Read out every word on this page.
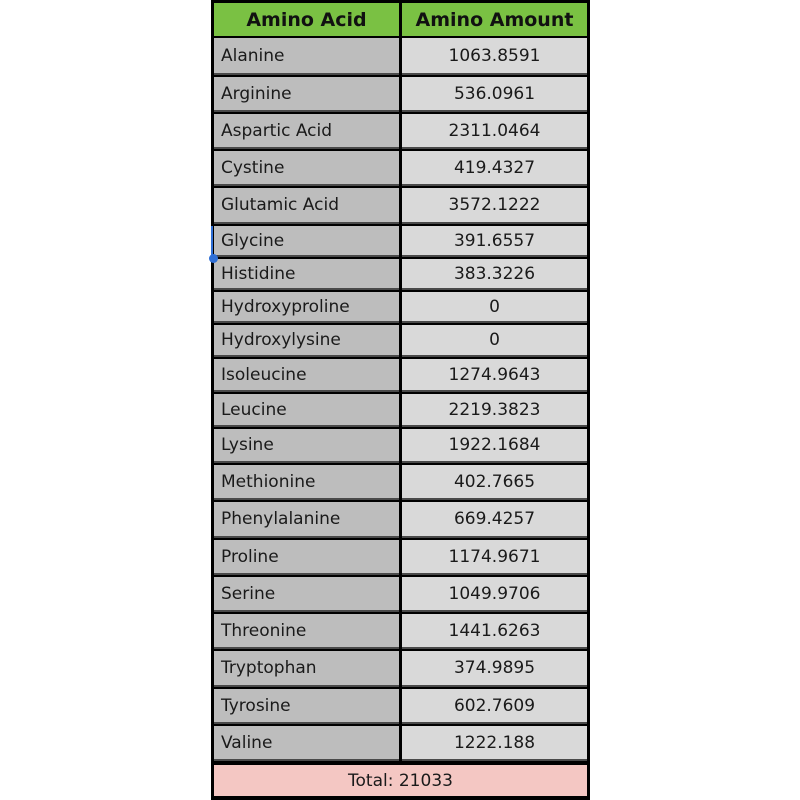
Amino Acid	Amino Amount
Alanine	1063.8591
Arginine	536.0961
Aspartic Acid	2311.0464
Cystine	419.4327
Glutamic Acid	3572.1222
Glycine	391.6557
Histidine	383.3226
Hydroxyproline	0
Hydroxylysine	0
Isoleucine	1274.9643
Leucine	2219.3823
Lysine	1922.1684
Methionine	402.7665
Phenylalanine	669.4257
Proline	1174.9671
Serine	1049.9706
Threonine	1441.6263
Tryptophan	374.9895
Tyrosine	602.7609
Valine	1222.188
Total: 21033
